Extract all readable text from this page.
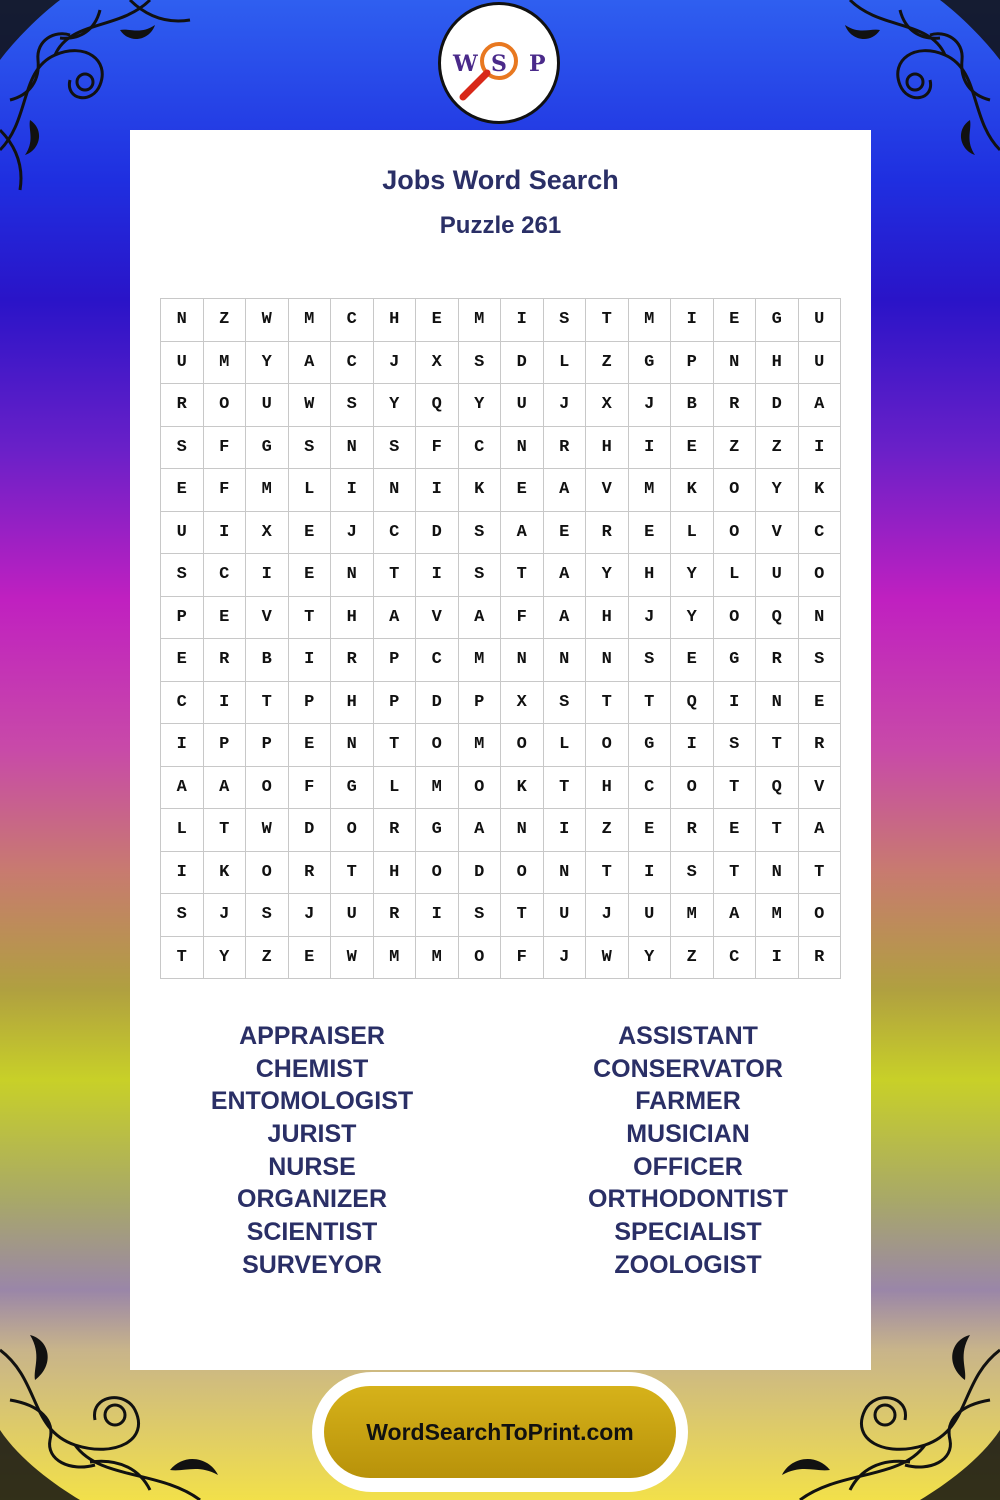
W S P
Jobs Word Search
Puzzle 261
N	Z	W	M	C	H	E	M	I	S	T	M	I	E	G	U
U	M	Y	A	C	J	X	S	D	L	Z	G	P	N	H	U
R	O	U	W	S	Y	Q	Y	U	J	X	J	B	R	D	A
S	F	G	S	N	S	F	C	N	R	H	I	E	Z	Z	I
E	F	M	L	I	N	I	K	E	A	V	M	K	O	Y	K
U	I	X	E	J	C	D	S	A	E	R	E	L	O	V	C
S	C	I	E	N	T	I	S	T	A	Y	H	Y	L	U	O
P	E	V	T	H	A	V	A	F	A	H	J	Y	O	Q	N
E	R	B	I	R	P	C	M	N	N	N	S	E	G	R	S
C	I	T	P	H	P	D	P	X	S	T	T	Q	I	N	E
I	P	P	E	N	T	O	M	O	L	O	G	I	S	T	R
A	A	O	F	G	L	M	O	K	T	H	C	O	T	Q	V
L	T	W	D	O	R	G	A	N	I	Z	E	R	E	T	A
I	K	O	R	T	H	O	D	O	N	T	I	S	T	N	T
S	J	S	J	U	R	I	S	T	U	J	U	M	A	M	O
T	Y	Z	E	W	M	M	O	F	J	W	Y	Z	C	I	R
APPRAISER
CHEMIST
ENTOMOLOGIST
JURIST
NURSE
ORGANIZER
SCIENTIST
SURVEYOR
ASSISTANT
CONSERVATOR
FARMER
MUSICIAN
OFFICER
ORTHODONTIST
SPECIALIST
ZOOLOGIST
WordSearchToPrint.com
